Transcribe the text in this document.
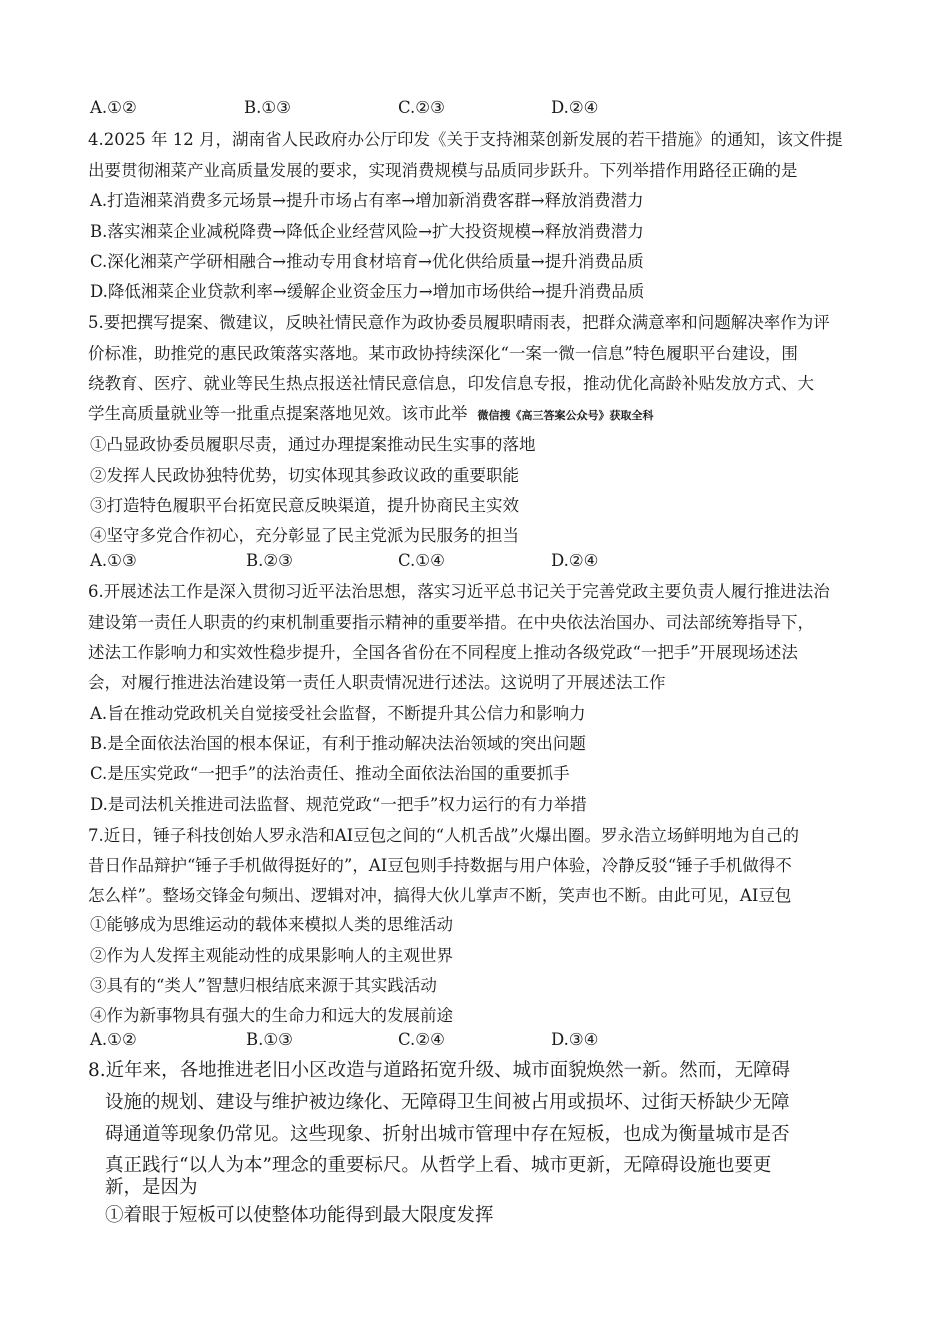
A.①②	B.①③	C.②③	D.②④
4.2025 年 12 月，湖南省人民政府办公厅印发《关于支持湘菜创新发展的若干措施》的通知，该文件提
出要贯彻湘菜产业高质量发展的要求，实现消费规模与品质同步跃升。下列举措作用路径正确的是
A.打造湘菜消费多元场景→提升市场占有率→增加新消费客群→释放消费潜力
B.落实湘菜企业减税降费→降低企业经营风险→扩大投资规模→释放消费潜力
C.深化湘菜产学研相融合→推动专用食材培育→优化供给质量→提升消费品质
D.降低湘菜企业贷款利率→缓解企业资金压力→增加市场供给→提升消费品质
5.要把撰写提案、微建议，反映社情民意作为政协委员履职晴雨表，把群众满意率和问题解决率作为评
价标准，助推党的惠民政策落实落地。某市政协持续深化“一案一微一信息”特色履职平台建设，围
绕教育、医疗、就业等民生热点报送社情民意信息，印发信息专报，推动优化高龄补贴发放方式、大
学生高质量就业等一批重点提案落地见效。该市此举 微信搜《高三答案公众号》获取全科
①凸显政协委员履职尽责，通过办理提案推动民生实事的落地
②发挥人民政协独特优势，切实体现其参政议政的重要职能
③打造特色履职平台拓宽民意反映渠道，提升协商民主实效
④坚守多党合作初心，充分彰显了民主党派为民服务的担当
A.①③	B.②③	C.①④	D.②④
6.开展述法工作是深入贯彻习近平法治思想，落实习近平总书记关于完善党政主要负责人履行推进法治
建设第一责任人职责的约束机制重要指示精神的重要举措。在中央依法治国办、司法部统筹指导下，
述法工作影响力和实效性稳步提升，全国各省份在不同程度上推动各级党政“一把手”开展现场述法
会，对履行推进法治建设第一责任人职责情况进行述法。这说明了开展述法工作
A.旨在推动党政机关自觉接受社会监督，不断提升其公信力和影响力
B.是全面依法治国的根本保证，有利于推动解决法治领域的突出问题
C.是压实党政“一把手”的法治责任、推动全面依法治国的重要抓手
D.是司法机关推进司法监督、规范党政“一把手”权力运行的有力举措
7.近日，锤子科技创始人罗永浩和AI豆包之间的“人机舌战”火爆出圈。罗永浩立场鲜明地为自己的
昔日作品辩护“锤子手机做得挺好的”，AI豆包则手持数据与用户体验，冷静反驳“锤子手机做得不
怎么样”。整场交锋金句频出、逻辑对冲，搞得大伙儿掌声不断，笑声也不断。由此可见，AI豆包
①能够成为思维运动的载体来模拟人类的思维活动
②作为人发挥主观能动性的成果影响人的主观世界
③具有的“类人”智慧归根结底来源于其实践活动
④作为新事物具有强大的生命力和远大的发展前途
A.①②	B.①③	C.②④	D.③④
8.近年来，各地推进老旧小区改造与道路拓宽升级、城市面貌焕然一新。然而，无障碍
设施的规划、建设与维护被边缘化、无障碍卫生间被占用或损坏、过街天桥缺少无障
碍通道等现象仍常见。这些现象、折射出城市管理中存在短板，也成为衡量城市是否
真正践行“以人为本”理念的重要标尺。从哲学上看、城市更新，无障碍设施也要更
新，是因为
①着眼于短板可以使整体功能得到最大限度发挥
